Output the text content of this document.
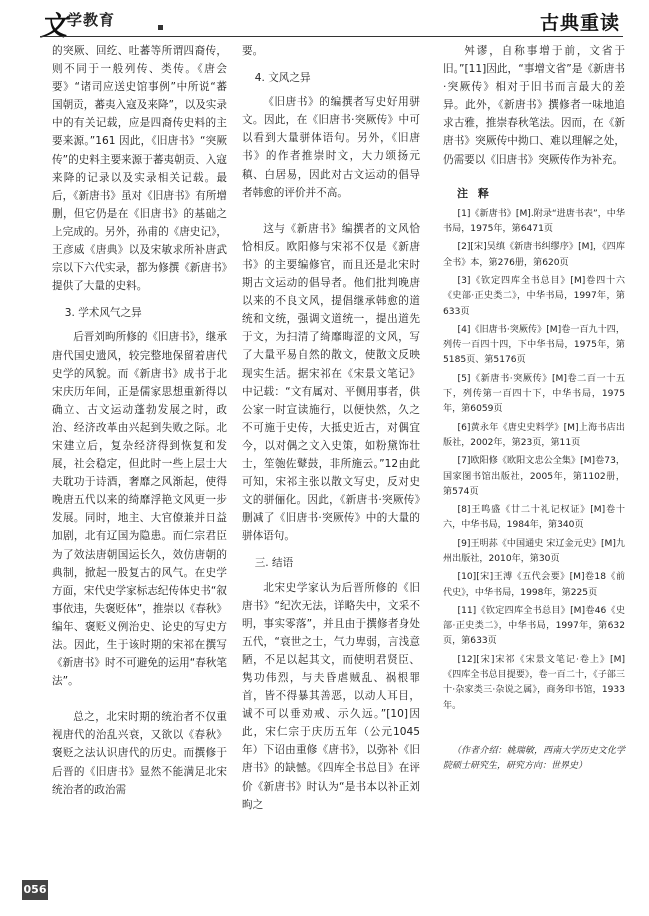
文 学教育	古典重读

的突厥、回纥、吐蕃等所谓四裔传，则不同于一般列传、类传。《唐会要》“诸司应送史馆事例”中所说“蕃国朝贡，蕃夷入寇及来降”，以及实录中的有关记载，应是四裔传史料的主要来源。”161 因此，《旧唐书》“突厥传”的史料主要来源于蕃夷朝贡、入寇来降的记录以及实录相关记载。最后，《新唐书》虽对《旧唐书》有所增删，但它仍是在《旧唐书》的基础之上完成的。另外，孙甫的《唐史记》，王彦威《唐典》以及宋敏求所补唐武宗以下六代实录，都为修撰《新唐书》提供了大量的史料。

3. 学术风气之异

后晋刘昫所修的《旧唐书》，继承唐代国史遗风，较完整地保留着唐代史学的风貌。而《新唐书》成书于北宋庆历年间，正是儒家思想重新得以确立、古文运动蓬勃发展之时，政治、经济改革由兴起到失败之际。北宋建立后，复杂经济得到恢复和发展，社会稳定，但此时一些上层士大夫耽功于诗酒，奢靡之风渐起，使得晚唐五代以来的绮靡浮艳文风更一步发展。同时，地主、大官僚兼并日益加剧，北有辽国为隐患。而仁宗君臣为了效法唐朝国运长久，效仿唐朝的典制，掀起一股复古的风气。在史学方面，宋代史学家标志纪传体史书“叙事依违，失褒贬体”，推崇以《春秋》编年、褒贬义例治史、论史的写史方法。因此，生于该时期的宋祁在撰写《新唐书》时不可避免的运用“春秋笔法”。

总之，北宋时期的统治者不仅重视唐代的治乱兴衰，又欲以《春秋》褒贬之法认识唐代的历史。而撰修于后晋的《旧唐书》显然不能满足北宋统治者的政治需

要。

4. 文风之异

《旧唐书》的编撰者写史好用骈文。因此，在《旧唐书·突厥传》中可以看到大量骈体语句。另外，《旧唐书》的作者推崇时文，大力颂扬元稹、白居易，因此对古文运动的倡导者韩愈的评价并不高。

这与《新唐书》编撰者的文风恰恰相反。欧阳修与宋祁不仅是《新唐书》的主要编修官，而且还是北宋时期古文运动的倡导者。他们批判晚唐以来的不良文风，提倡继承韩愈的道统和文统，强调文道统一，提出道先于文，为扫清了绮靡晦涩的文风，写了大量平易自然的散文，使散文反映现实生活。据宋祁在《宋景文笔记》中记载：“文有属对、平侧用事者，供公家一时宣读施行，以便快然，久之不可施于史传，大抵史近古，对偶宜今，以对偶之文入史策，如粉黛饰壮士，笙匏佐鼙鼓，非所施云。”12由此可知，宋祁主张以散文写史，反对史文的骈俪化。因此，《新唐书·突厥传》删减了《旧唐书·突厥传》中的大量的骈体语句。

三. 结语

北宋史学家认为后晋所修的《旧唐书》“纪次无法，详略失中，文采不明，事实零落”，并且由于撰修者身处五代，“衰世之士，气力卑弱，言浅意陋，不足以起其文，而使明君贤臣、隽功伟烈，与夫昏虐贼乱、祸根罪首，皆不得暴其善恶，以动人耳目，诚不可以垂劝戒、示久远。”[10]因此，宋仁宗于庆历五年（公元1045年）下诏由重修《唐书》，以弥补《旧唐书》的缺憾。《四库全书总目》在评价《新唐书》时认为“是书本以补正刘昫之

舛谬，自称事增于前，文省于旧。”[11]因此，“事增文省”是《新唐书·突厥传》相对于旧书而言最大的差异。此外，《新唐书》撰修者一味地追求古雅，推崇春秋笔法。因而，在《新唐书》突厥传中拗口、难以理解之处，仍需要以《旧唐书》突厥传作为补充。

注 释

[1]《新唐书》[M].附录“进唐书表”，中华书局，1975年，第6471页

[2][宋]吴缜《新唐书纠缪序》[M]，《四库全书》本，第276册，第620页

[3]《钦定四库全书总目》[M]卷四十六《史部·正史类二》，中华书局，1997年，第633页

[4]《旧唐书·突厥传》[M]卷一百九十四，列传一百四十四，下中华书局，1975年，第5185页、第5176页

[5]《新唐书·突厥传》[M]卷二百一十五下，列传第一百四十下，中华书局，1975年，第6059页

[6]黄永年《唐史史料学》[M]上海书店出版社，2002年，第23页，第11页

[7]欧阳修《欧阳文忠公全集》[M]卷73，国家图书馆出版社，2005年，第1102册，第574页

[8]王鸣盛《廿二十礼记权证》[M]卷十六，中华书局，1984年，第340页

[9]王明荪《中国通史 宋辽金元史》[M]九州出版社，2010年，第30页

[10][宋]王溥《五代会要》[M]卷18《前代史》，中华书局，1998年，第225页

[11]《钦定四库全书总目》[M]卷46《史部·正史类二》，中华书局，1997年，第632页，第633页

[12][宋]宋祁《宋景文笔记·卷上》[M]《四库全书总目提要》，卷一百二十，《子部三十·杂家类三·杂说之属》，商务印书馆，1933年。

（作者介绍：姚瑞敏，西南大学历史文化学院硕士研究生，研究方向：世界史）

056
